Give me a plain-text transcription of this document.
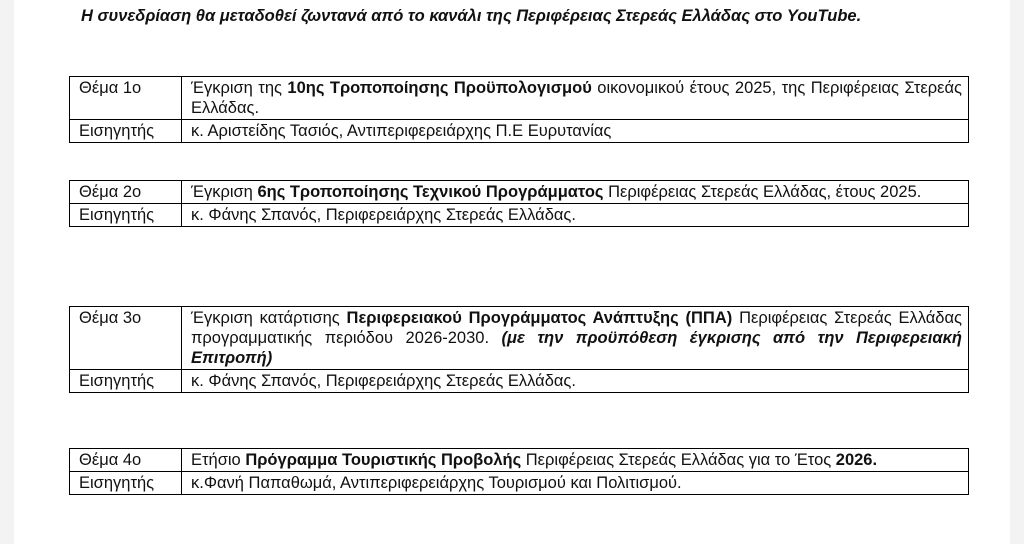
Η συνεδρίαση θα μεταδοθεί ζωντανά από το κανάλι της Περιφέρειας Στερεάς Ελλάδας στο YouTube.
Θέμα 1ο	Έγκριση της 10ης Τροποποίησης Προϋπολογισμού οικονομικού έτους 2025, της Περιφέρειας Στερεάς Ελλάδας.
Εισηγητής	κ. Αριστείδης Τασιός, Αντιπεριφερειάρχης Π.Ε Ευρυτανίας
Θέμα 2ο	Έγκριση 6ης Τροποποίησης Τεχνικού Προγράμματος Περιφέρειας Στερεάς Ελλάδας, έτους 2025.
Εισηγητής	κ. Φάνης Σπανός, Περιφερειάρχης Στερεάς Ελλάδας.
Θέμα 3ο	Έγκριση κατάρτισης Περιφερειακού Προγράμματος Ανάπτυξης (ΠΠΑ) Περιφέρειας Στερεάς Ελλάδας προγραμματικής περιόδου 2026-2030. (με την προϋπόθεση έγκρισης από την Περιφερειακή Επιτροπή)
Εισηγητής	κ. Φάνης Σπανός, Περιφερειάρχης Στερεάς Ελλάδας.
Θέμα 4ο	Ετήσιο Πρόγραμμα Τουριστικής Προβολής Περιφέρειας Στερεάς Ελλάδας για το Έτος 2026.
Εισηγητής	κ.Φανή Παπαθωμά, Αντιπεριφερειάρχης Τουρισμού και Πολιτισμού.
